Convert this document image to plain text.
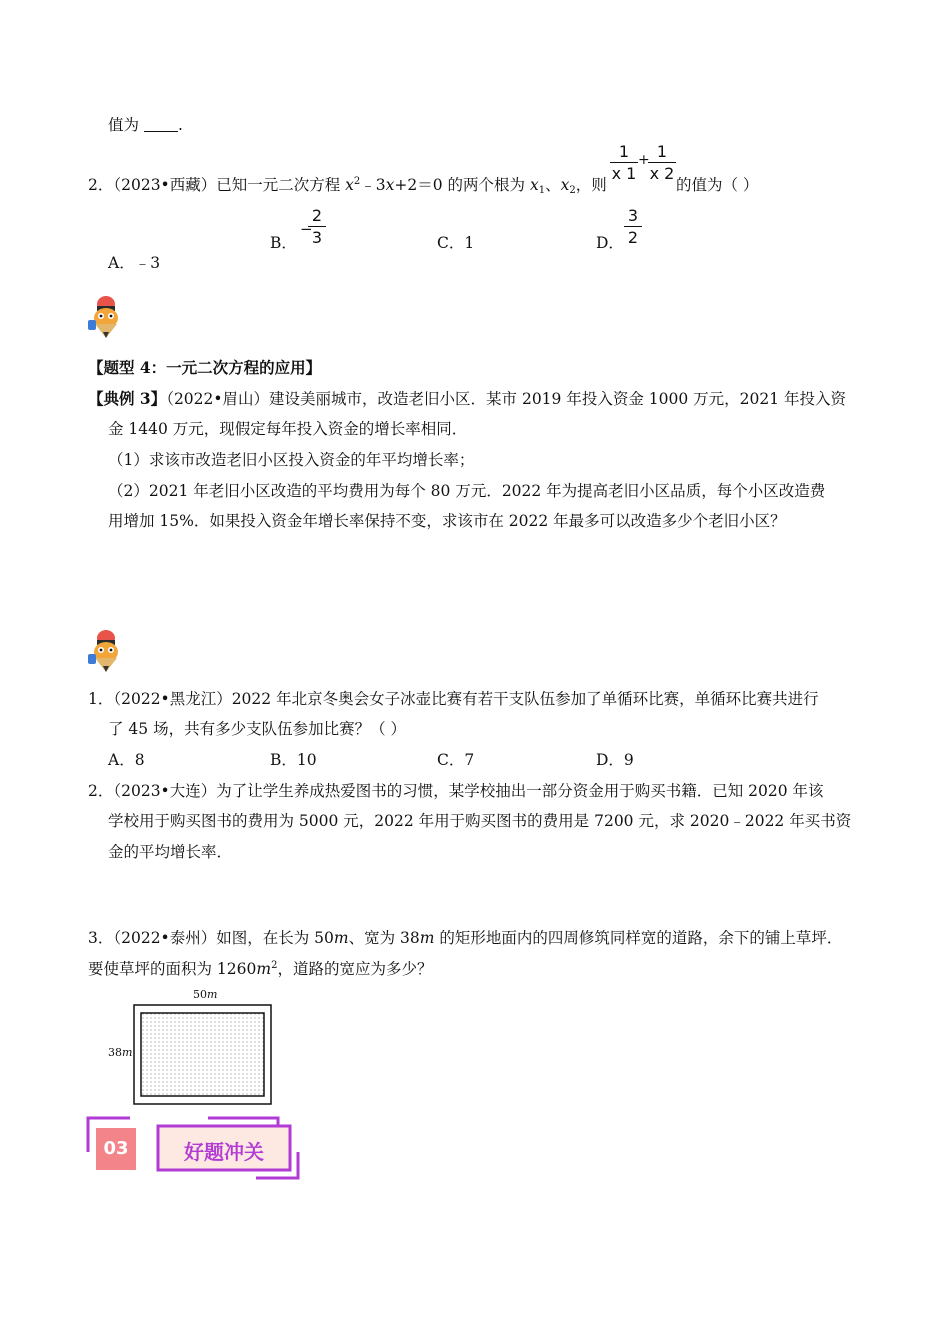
值为	.
2．（2023•西藏）已知一元二次方程 $x^2﹣3x+2=0$ 的两个根为 $x_1$、$x_2$，则
1
x 1
+ 1
x 2
的值为（ ）
B．
−
2
3	C．1	D．
3
2
A．﹣3
【题型 4：一元二次方程的应用】
【典例 3】（2022•眉山）建设美丽城市，改造老旧小区．某市 2019 年投入资金 1000 万元，2021 年投入资
金 1440 万元，现假定每年投入资金的增长率相同．
（1）求该市改造老旧小区投入资金的年平均增长率；
（2）2021 年老旧小区改造的平均费用为每个 80 万元．2022 年为提高老旧小区品质，每个小区改造费
用增加 15%．如果投入资金年增长率保持不变，求该市在 2022 年最多可以改造多少个老旧小区？
1．（2022•黑龙江）2022 年北京冬奥会女子冰壶比赛有若干支队伍参加了单循环比赛，单循环比赛共进行
了 45 场，共有多少支队伍参加比赛？（ ）
A．8	B．10	C．7	D．9
2．（2023•大连）为了让学生养成热爱图书的习惯，某学校抽出一部分资金用于购买书籍．已知 2020 年该
学校用于购买图书的费用为 5000 元，2022 年用于购买图书的费用是 7200 元，求 2020﹣2022 年买书资
金的平均增长率．
3．（2022•泰州）如图，在长为 50m、宽为 38m 的矩形地面内的四周修筑同样宽的道路，余下的铺上草坪．
要使草坪的面积为 $1260m^2$，道路的宽应为多少？
50m
38m
03	好题冲关
